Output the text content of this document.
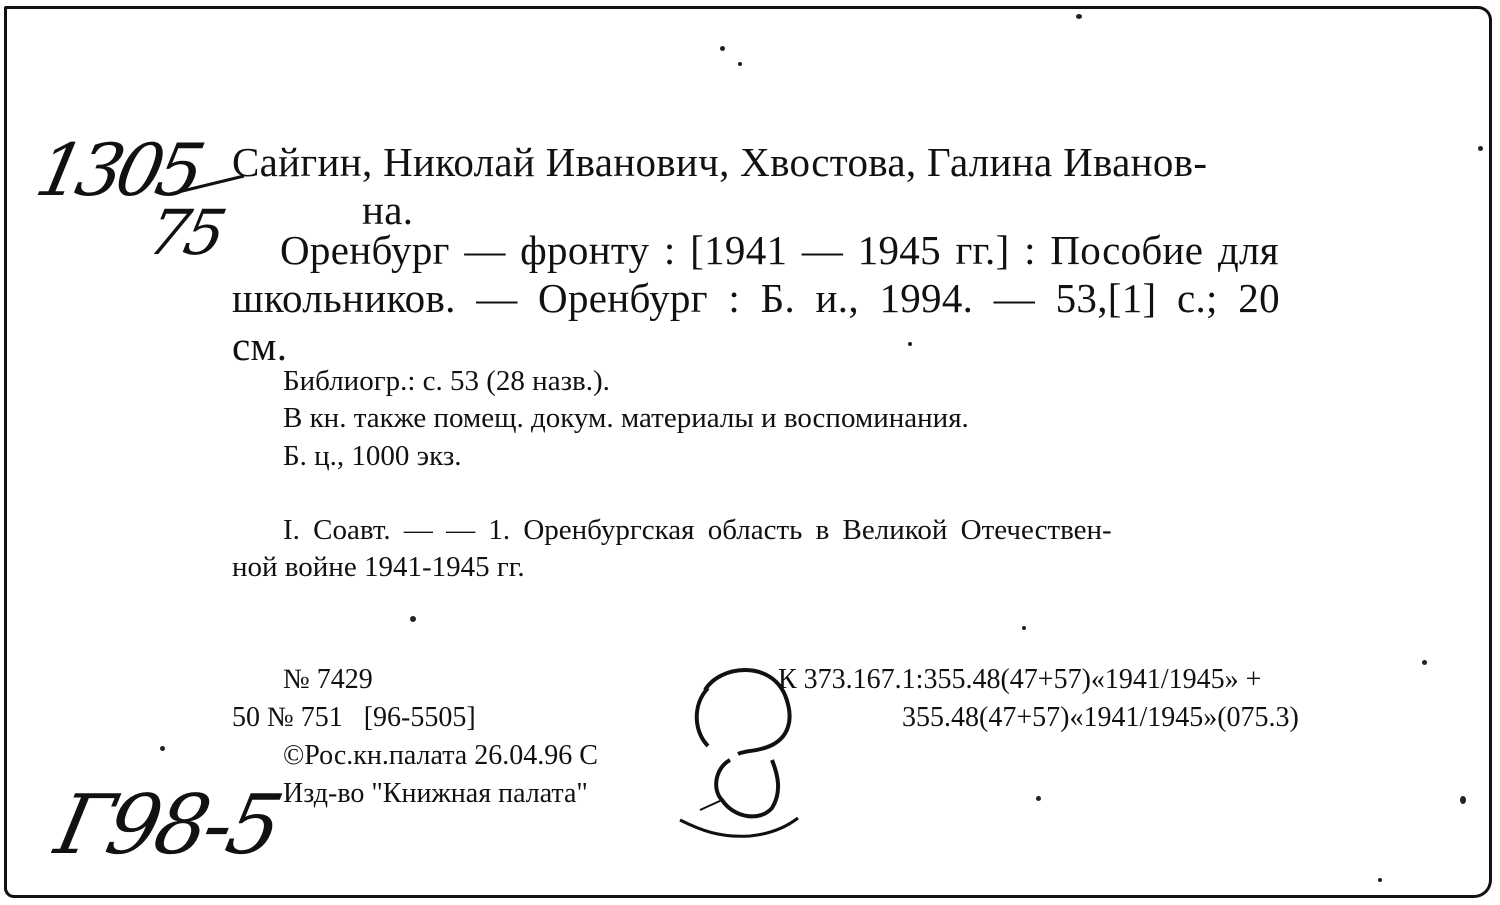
1305
75
Г98-5
Сайгин, Николай Иванович, Хвостова, Галина Иванов-
на.
Оренбург — фронту : [1941 — 1945 гг.] : Пособие для
школьников. — Оренбург : Б. и., 1994. — 53,[1] с.; 20
см.
Библиогр.: с. 53 (28 назв.).
В кн. также помещ. докум. материалы и воспоминания.
Б. ц., 1000 экз.
I. Соавт. — — 1. Оренбургская область в Великой Отечествен-
ной войне 1941-1945 гг.
№ 7429
50 № 751   [96-5505]
©Рос.кн.палата 26.04.96 С
Изд-во "Книжная палата"
К 373.167.1:355.48(47+57)«1941/1945» +
355.48(47+57)«1941/1945»(075.3)
